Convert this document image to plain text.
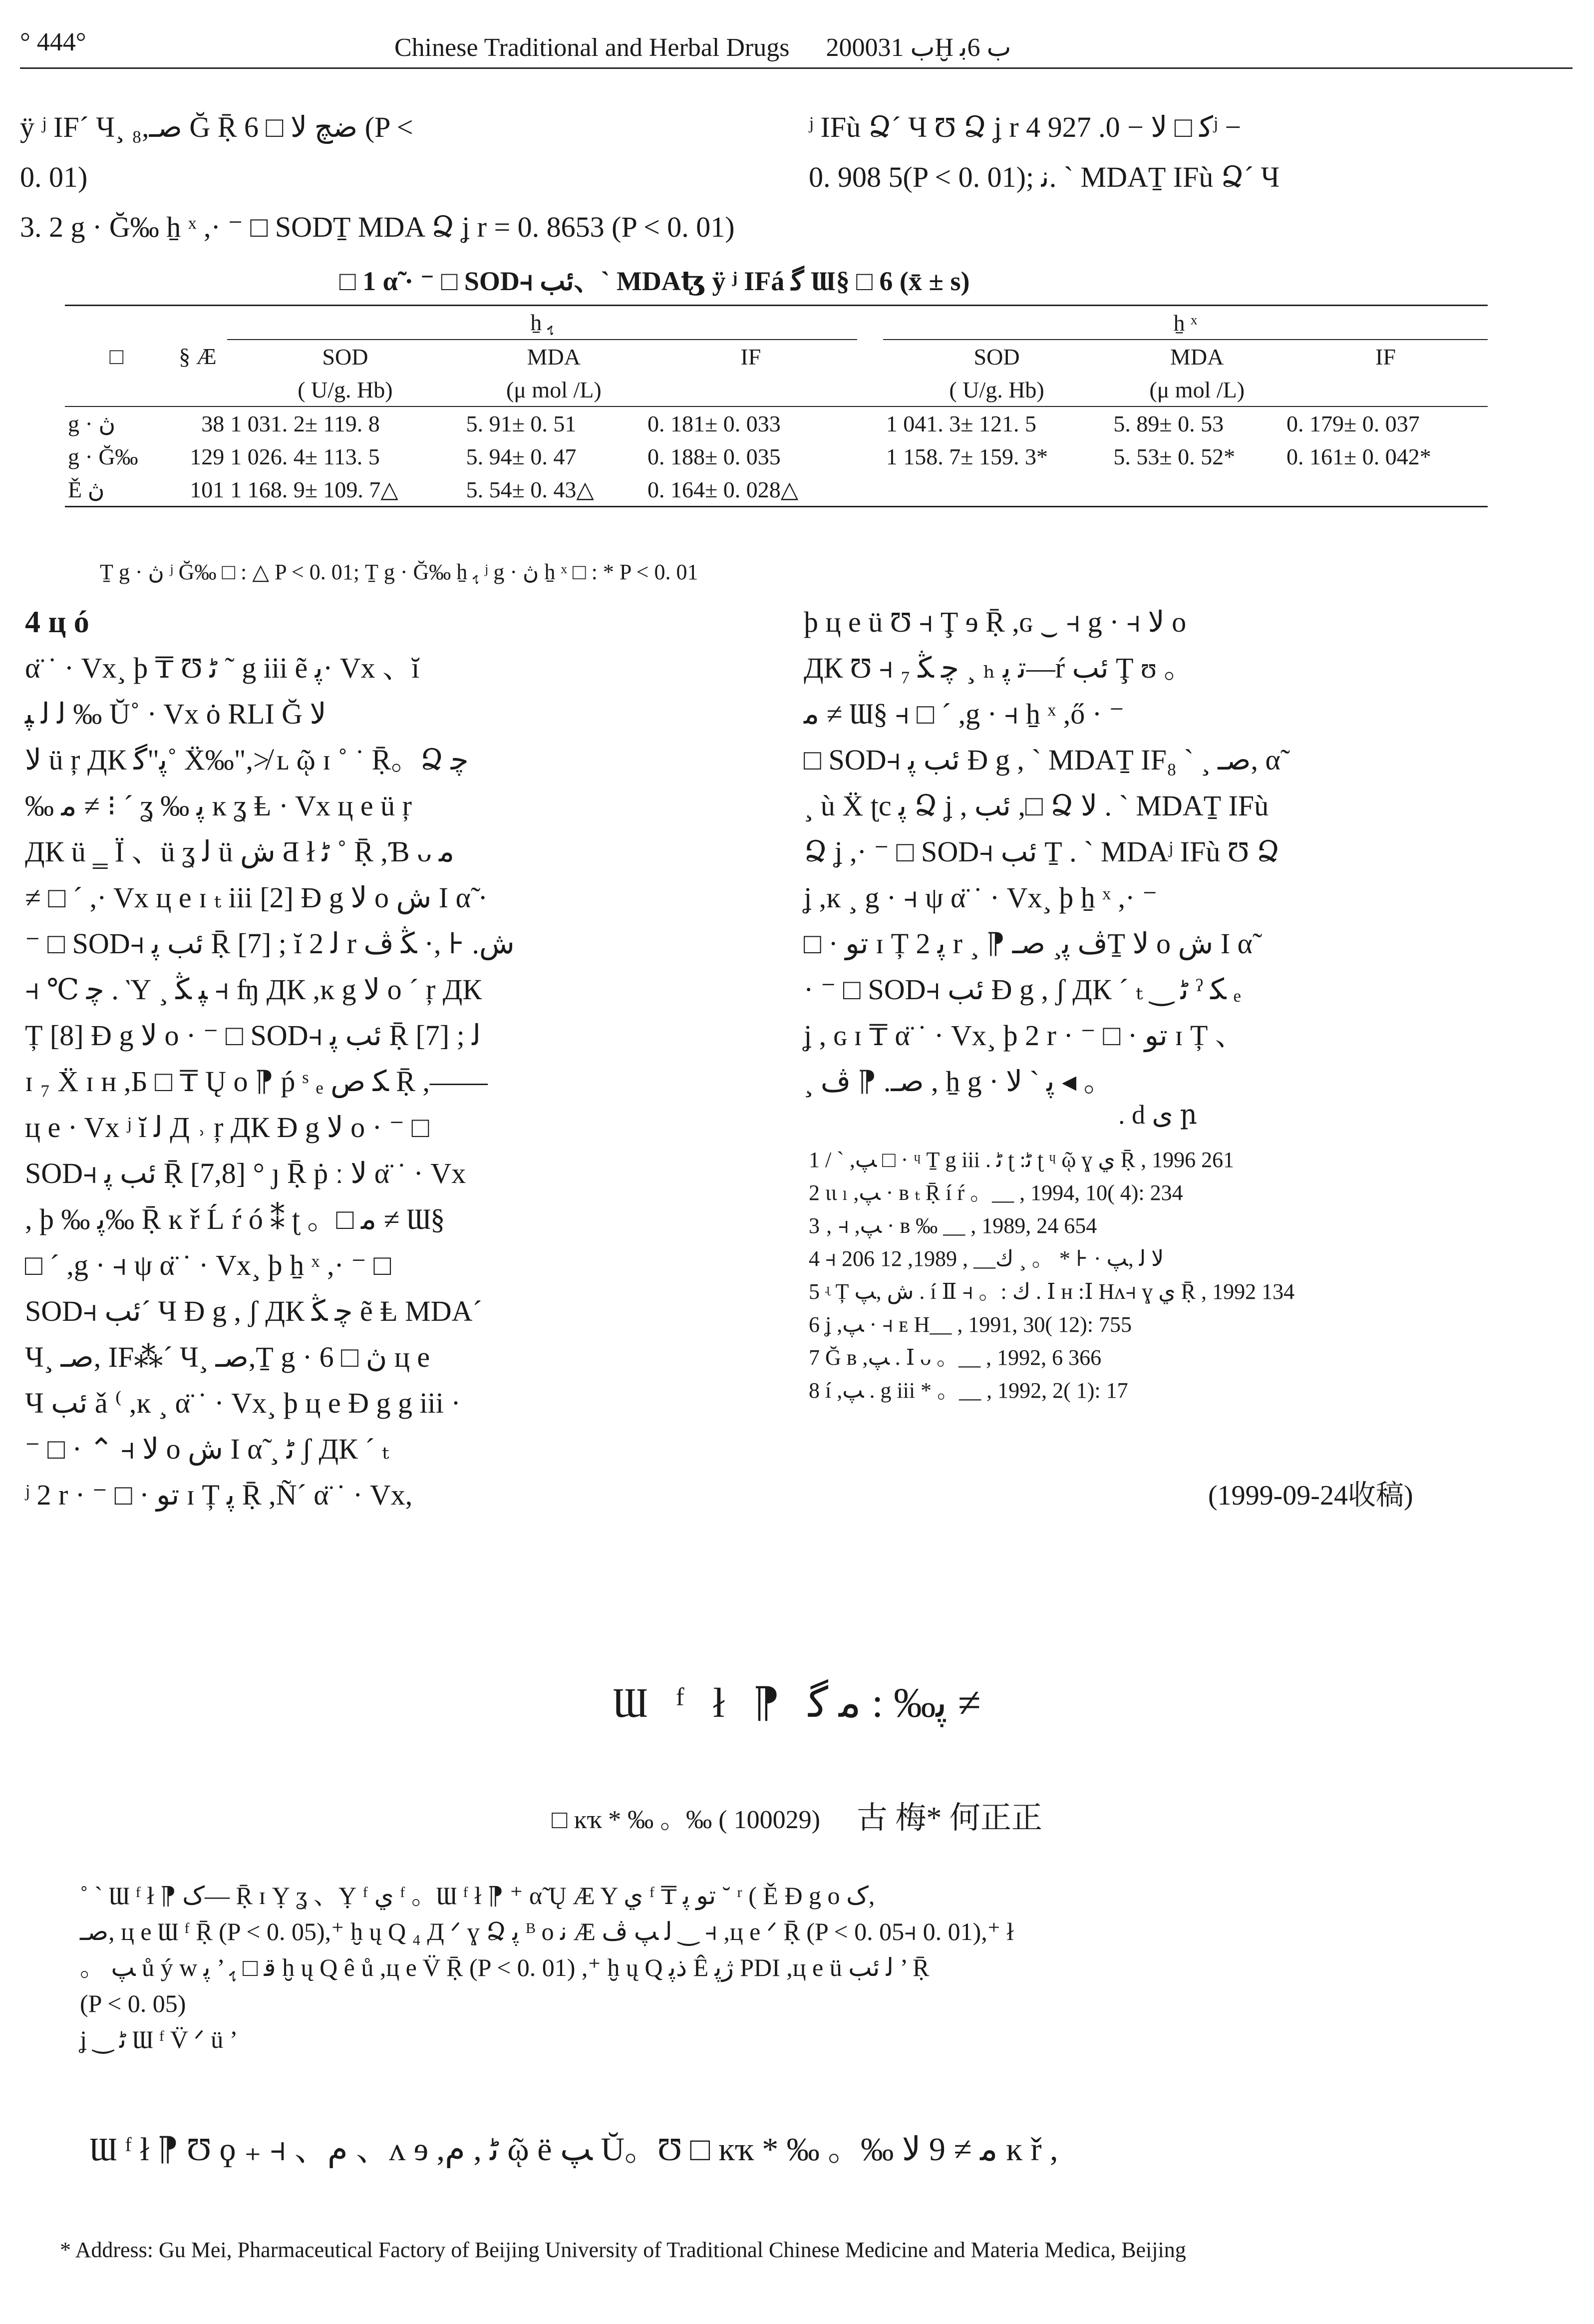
° 444°	Chinese Traditional and Herbal Drugs 2000ب 31Ḫ ب 6ﺑ
ÿ ʲ IF´ Ч¸ صـ,₈ Ğ Ṝ ضچ ﻻ □ 6 (P <	ʲ IFù Ձ´ Ч Ʊ Ձ ʝ r ﮐ □ ﻻ − 0. 927 4ʲ −
0. 01)	0. 908 5(P < 0. 01); ﻧ. ` MDAṮ IFù Ձ´ Ч
3. 2 g · Ğ‰ ẖ ˣ ,· ⁻ □ SODṮ MDA Ձ ʝ r = 0. 8653 (P < 0. 01)
□ 1 α̃ · ⁻ □ SOD⫞ ئب、` MDAꜩ ÿ ʲ IFá ﮔ Ɯ§ □ 6 (x̄ ± s)
□	§ Æ	ẖ ﮨ				ẖ ˣ		
		SOD	MDA	IF		SOD	MDA	IF
		( U/g. Hb)	(μ mol /L)			( U/g. Hb)	(μ mol /L)	
g · ڽ	38	1 031. 2± 119. 8	5. 91± 0. 51	0. 181± 0. 033		1 041. 3± 121. 5	5. 89± 0. 53	0. 179± 0. 037
g · Ğ‰	129	1 026. 4± 113. 5	5. 94± 0. 47	0. 188± 0. 035		1 158. 7± 159. 3*	5. 53± 0. 52*	0. 161± 0. 042*
Ě ڽ	101	1 168. 9± 109. 7△	5. 54± 0. 43△	0. 164± 0. 028△				
Ṯ g · ڽ ʲ Ğ‰ □ : △ P < 0. 01; Ṯ g · Ğ‰ ẖ ﮨ ʲ g · ڽ ẖ ˣ □ : * P < 0. 01
4 ц ó
α̈ ˙ · Vx¸ þ ₸ Ʊ ﮢ ˜ g iii ẽ ﭘ· Vx 、ĭ
ﻟ ﻟ ﭙ ‰ Ŭ˚ · Vx ȯ RLI Ğ ﻻ
ﻻ ü ŗ ДК ﭘ"ﮔ˚ Ẍ‰",≯ ʟ ῷ ɪ ˚ ˙ Ṝ。Ձ ﭼ
‰ ﻣ ≠ ⁝ ´ ʓ ‰ ﭘ ĸ ʓ Ⱡ · Vx ц e ü ŗ
ДК ü ‗ Ї 、ü ʓ ﻟ ü ﺵ Ƌ ł ﮢ ˚ Ṝ ,Ɓ ᴗ ﻣ
≠ □ ´ ,· Vx ц e ɪ ₜ iii [2] Ɖ g ﻻ o ﺵ I α̃ ·
⁻ □ SOD⫞ ئب ﭘ Ṝ [7] ; ĭ ﻟ 2 r ﺵ. ⫞ ,· ﯖ ﭪ
⫞ ℃ ﭼ . Ὺ ¸ ﭙ ﯖ ⫞ ʩ ДК ,ĸ g ﻻ o ´ ŗ ДК
Ț [8] Ɖ g ﻻ o · ⁻ □ SOD⫞ ئب ﭘ Ṝ [7] ; ﻟ
ɪ ₇ Ẍ ɪ ʜ ,Ƃ □ ₸ Ų o ⁋ ṕ ˢ ₑ ﻜ ﺹ Ṝ ,——
ц e · Vx ʲ ĭ ﻟ Д ˒ ŗ ДК Ɖ g ﻻ o · ⁻ □
SOD⫞ ئب ﭘ Ṝ [7,8] ° ȷ Ṝ ṗ ː ﻻ α̈ ˙ · Vx
, þ ‰ ﭘ‰ Ṝ ĸ ř Ĺ ŕ ó ⁑ ʈ 。□ ﻣ ≠ Ɯ§
□ ´ ,g · ⫞ ψ α̈ ˙ · Vx¸ þ ẖ ˣ ,· ⁻ □
SOD⫞ ئب´ Ч Ɖ g , ʃ ДК ﭼ ﯖ ẽ Ⱡ MDA´
Ч¸ صـ, IF⁂´ Ч¸ صـ,Ṯ g · ڽ □ 6 ц e
Ч ئب ǎ ⁽ ,ĸ ¸ α̈ ˙ · Vx¸ þ ц e Ɖ g g iii ·
⁻ □ · ⌃ ⫞ ﻻ o ﺵ I α̃ ¸ ﮢ ʃ ДК ´ ₜ
ʲ 2 r · ⁻ □ · ﺗﻮ ɪ Ț ﭘ Ṝ ,Ñ´ α̈ ˙ · Vx,
þ ц e ü Ʊ ⫞ Ţ ɘ Ṝ ,ɢ ‿ ⫞ g · ⫞ ﻻ o
ДК Ʊ ⫞ ﭼ ﯖ ₇ ¸ ₕ ﺗ ﭘ—ŕ ئب Ţ ʊ 。
ﻣ ≠ Ɯ§ ⫞ □ ´ ,g · ⫞ ẖ ˣ ,ő · ⁻
□ SOD⫞ ئب ﭘ Ɖ g , ` MDAṮ IF₈ ` ¸ صـ, α̃
¸ ù Ẍ ʈc ﭘ Ձ ʝ , ئب ,□ Ձ ﻻ . ` MDAṮ IFù
Ձ ʝ ,· ⁻ □ SOD⫞ ئب Ṯ . ` MDAʲ IFù Ʊ Ձ
ʝ ,ĸ ¸ g · ⫞ ψ α̈ ˙ · Vx¸ þ ẖ ˣ ,· ⁻
□ · ﺗﻮ ɪ Ț ﭘ 2 r ¸ ⁋ ﭪ ﭘ¸ صـṮ ﻻ o ﺵ I α̃
· ⁻ □ SOD⫞ ئب Ɖ g , ʃ ДК ´ ₜ ‿ ﮢ ˀ ﮑ ₑ
ʝ , ɢ ɪ ₸ α̈ ˙ · Vx¸ þ 2 r · ⁻ □ · ﺗﻮ ɪ Ț 、
¸ صـ. ⁋ ﭪ , ẖ g · ﭘ ` ﻻ ◂ 。
. d ى ր
1 / ` ,ﭗ □ · ᶣ Ṯ g iii . ﮢ ʈ :ﮢ ʈ ᶣ ῷ ɣ ي Ṝ , 1996 261
2 ɩɩ ₗ ,ﭗ · ʙ ₜ Ṝ í ŕ 。__ , 1994, 10( 4): 234
3 ‚ ⫞ ,ﭗ · ʙ ‰ __ , 1989, 24 654
4 ⫞ ﻻ ﻟ ,ﭗ · ⫞ * 。 ¸ ﻙ__ , 1989, 12 206
5 ʵ Ț ﺵ ,ﭗ . í Ⅱ ⫞ 。: ﻙ . Ⅰ ʜ :Ⅰ Hʌ⫞ ɣ ي Ṝ , 1992 134
6 ʝ ,ﭗ · ⫞ ᴇ H__ , 1991, 30( 12): 755
7 Ğ ʙ ,ﭗ . Ⅰ ᴗ 。__ , 1992, 6 366
8 í ,ﭗ . g iii * 。__ , 1992, 2( 1): 17
(1999-09-24收稿)
Ɯ ᶠ ł ⁋ ﭘ‰ : ﻣ ﮔ ≠
□ ĸҡ * ‰ 。‰ ( 100029) 古 梅* 何正正
˚ ` Ɯ ᶠ ł ⁋ ﮎ— Ṝ ɪ Ỵ ʓ 、Ỵ ᶠ ي ᶠ 。Ɯ ᶠ ł ⁋ ⁺ α̃ Ų Æ Y ي ᶠ ₸ ﺗﻮ ﭘ ˘ ʳ ( Ě Ɖ g o ﮎ,
صـ, ц e Ɯ ᶠ Ṝ (P < 0. 05),⁺ ḫ ų Q ₄ Д ᐟ ɣ Ձ ﭘ ᴮ o ﻧ Æ ﻟ ﭗ ﭪ ‿ ⫞ ,ц e ᐟ Ṝ (P < 0. 05⫞ 0. 01),⁺ ł
。 ﭗ ů ý w ﻗ □ ﮨ ’ ﭘ ḫ ų Q ê ů ,ц e V̈ Ṝ (P < 0. 01) ,⁺ ḫ ų Q ذﭘ Ê ژﭘ PDI ,ц e ü ﻟ ئب ’ Ṝ
(P < 0. 05)
ʝ ‿ ﮢ Ɯ ᶠ V̈ ᐟ ü ’
Ɯ ᶠ ł ⁋ Ʊ ϙ ₊ ⫞ 、ﻡ 、ᴧ ɘ ,ﮢ , ﻡ ῷ ë ﭗ Ŭ。Ʊ □ ĸҡ * ‰ 。‰ ﻣ ≠ 9 ﻻ ĸ ř ,
* Address: Gu Mei, Pharmaceutical Factory of Beijing University of Traditional Chinese Medicine and Materia Medica, Beijing
